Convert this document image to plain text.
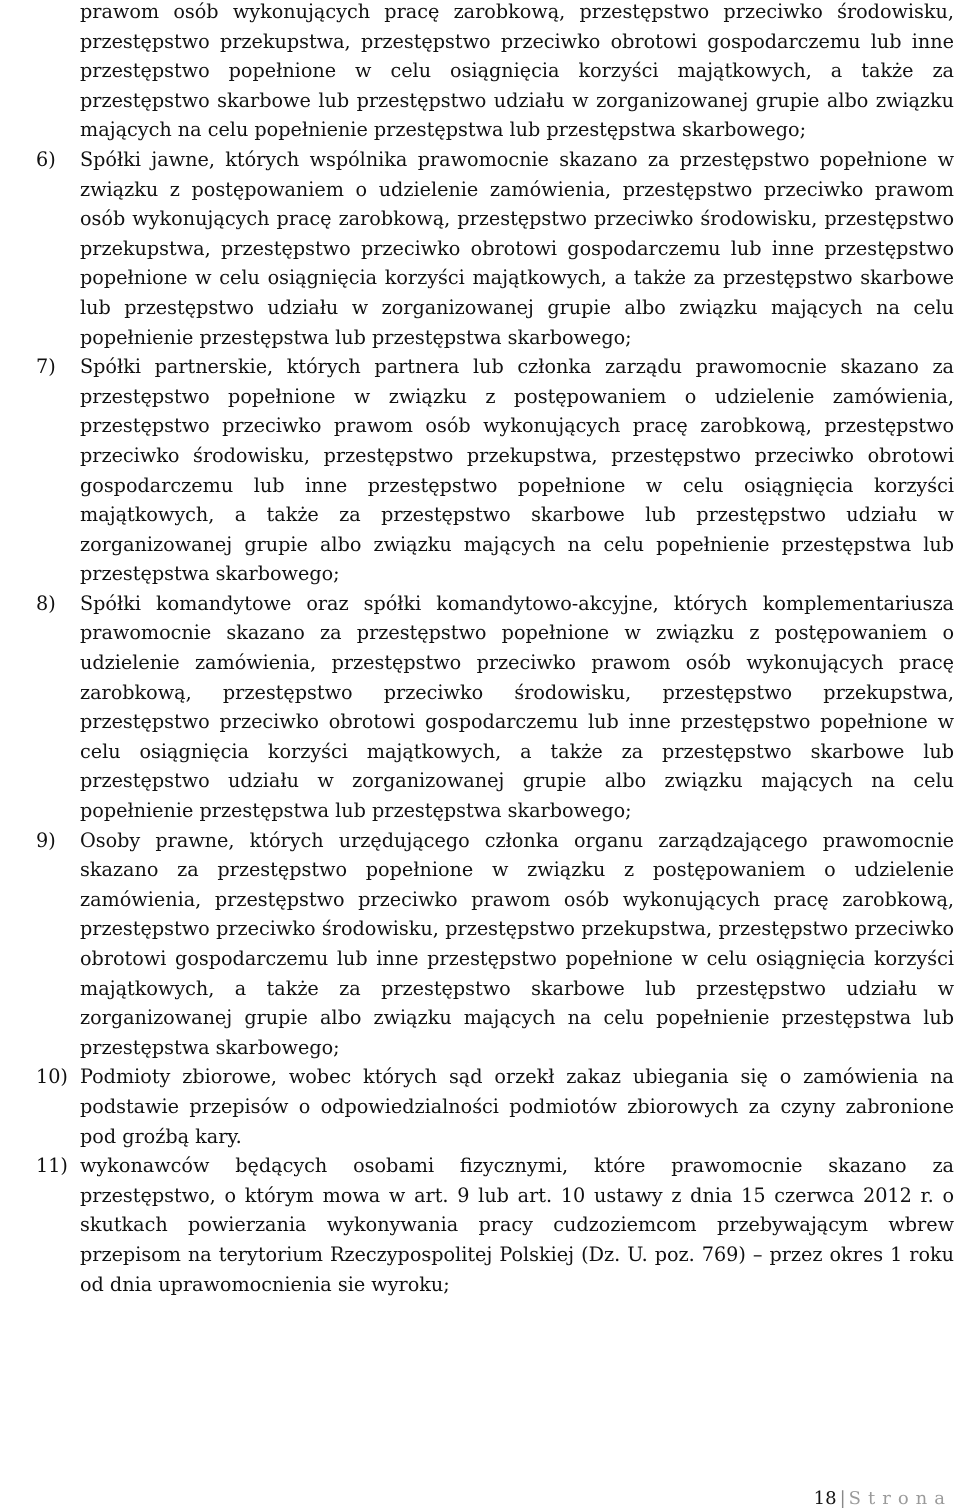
prawom osób wykonujących pracę zarobkową, przestępstwo przeciwko środowisku, przestępstwo przekupstwa, przestępstwo przeciwko obrotowi gospodarczemu lub inne przestępstwo popełnione w celu osiągnięcia korzyści majątkowych, a także za przestępstwo skarbowe lub przestępstwo udziału w zorganizowanej grupie albo związku mających na celu popełnienie przestępstwa lub przestępstwa skarbowego;
6)	Spółki jawne, których wspólnika prawomocnie skazano za przestępstwo popełnione w związku z postępowaniem o udzielenie zamówienia, przestępstwo przeciwko prawom osób wykonujących pracę zarobkową, przestępstwo przeciwko środowisku, przestępstwo przekupstwa, przestępstwo przeciwko obrotowi gospodarczemu lub inne przestępstwo popełnione w celu osiągnięcia korzyści majątkowych, a także za przestępstwo skarbowe lub przestępstwo udziału w zorganizowanej grupie albo związku mających na celu popełnienie przestępstwa lub przestępstwa skarbowego;
7)	Spółki partnerskie, których partnera lub członka zarządu prawomocnie skazano za przestępstwo popełnione w związku z postępowaniem o udzielenie zamówienia, przestępstwo przeciwko prawom osób wykonujących pracę zarobkową, przestępstwo przeciwko środowisku, przestępstwo przekupstwa, przestępstwo przeciwko obrotowi gospodarczemu lub inne przestępstwo popełnione w celu osiągnięcia korzyści majątkowych, a także za przestępstwo skarbowe lub przestępstwo udziału w zorganizowanej grupie albo związku mających na celu popełnienie przestępstwa lub przestępstwa skarbowego;
8)	Spółki komandytowe oraz spółki komandytowo-akcyjne, których komplementariusza prawomocnie skazano za przestępstwo popełnione w związku z postępowaniem o udzielenie zamówienia, przestępstwo przeciwko prawom osób wykonujących pracę zarobkową, przestępstwo przeciwko środowisku, przestępstwo przekupstwa, przestępstwo przeciwko obrotowi gospodarczemu lub inne przestępstwo popełnione w celu osiągnięcia korzyści majątkowych, a także za przestępstwo skarbowe lub przestępstwo udziału w zorganizowanej grupie albo związku mających na celu popełnienie przestępstwa lub przestępstwa skarbowego;
9)	Osoby prawne, których urzędującego członka organu zarządzającego prawomocnie skazano za przestępstwo popełnione w związku z postępowaniem o udzielenie zamówienia, przestępstwo przeciwko prawom osób wykonujących pracę zarobkową, przestępstwo przeciwko środowisku, przestępstwo przekupstwa, przestępstwo przeciwko obrotowi gospodarczemu lub inne przestępstwo popełnione w celu osiągnięcia korzyści majątkowych, a także za przestępstwo skarbowe lub przestępstwo udziału w zorganizowanej grupie albo związku mających na celu popełnienie przestępstwa lub przestępstwa skarbowego;
10) Podmioty zbiorowe, wobec których sąd orzekł zakaz ubiegania się o zamówienia na podstawie przepisów o odpowiedzialności podmiotów zbiorowych za czyny zabronione pod groźbą kary.
11) wykonawców będących osobami fizycznymi, które prawomocnie skazano za przestępstwo, o którym mowa w art. 9 lub art. 10 ustawy z dnia 15 czerwca 2012 r. o skutkach powierzania wykonywania pracy cudzoziemcom przebywającym wbrew przepisom na terytorium Rzeczypospolitej Polskiej (Dz. U. poz. 769) – przez okres 1 roku od dnia uprawomocnienia sie wyroku;
18 | Strona
